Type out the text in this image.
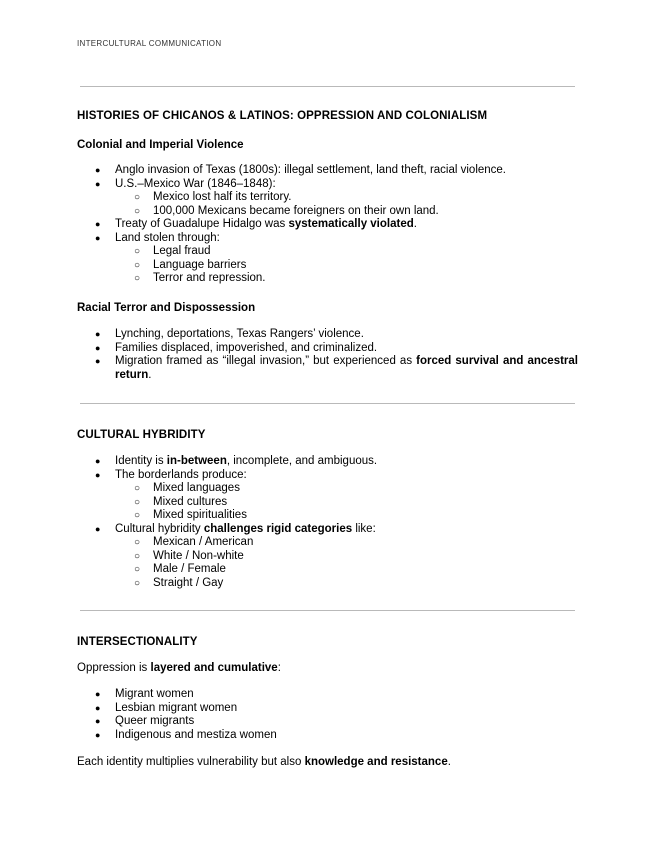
INTERCULTURAL COMMUNICATION
HISTORIES OF CHICANOS & LATINOS: OPPRESSION AND COLONIALISM
Colonial and Imperial Violence
● Anglo invasion of Texas (1800s): illegal settlement, land theft, racial violence.
● U.S.–Mexico War (1846–1848):
○ Mexico lost half its territory.
○ 100,000 Mexicans became foreigners on their own land.
● Treaty of Guadalupe Hidalgo was systematically violated.
● Land stolen through:
○ Legal fraud
○ Language barriers
○ Terror and repression.
Racial Terror and Dispossession
● Lynching, deportations, Texas Rangers’ violence.
● Families displaced, impoverished, and criminalized.
● Migration framed as “illegal invasion,” but experienced as forced survival and ancestral return.
CULTURAL HYBRIDITY
● Identity is in-between, incomplete, and ambiguous.
● The borderlands produce:
○ Mixed languages
○ Mixed cultures
○ Mixed spiritualities
● Cultural hybridity challenges rigid categories like:
○ Mexican / American
○ White / Non-white
○ Male / Female
○ Straight / Gay
INTERSECTIONALITY
Oppression is layered and cumulative:
● Migrant women
● Lesbian migrant women
● Queer migrants
● Indigenous and mestiza women
Each identity multiplies vulnerability but also knowledge and resistance.
